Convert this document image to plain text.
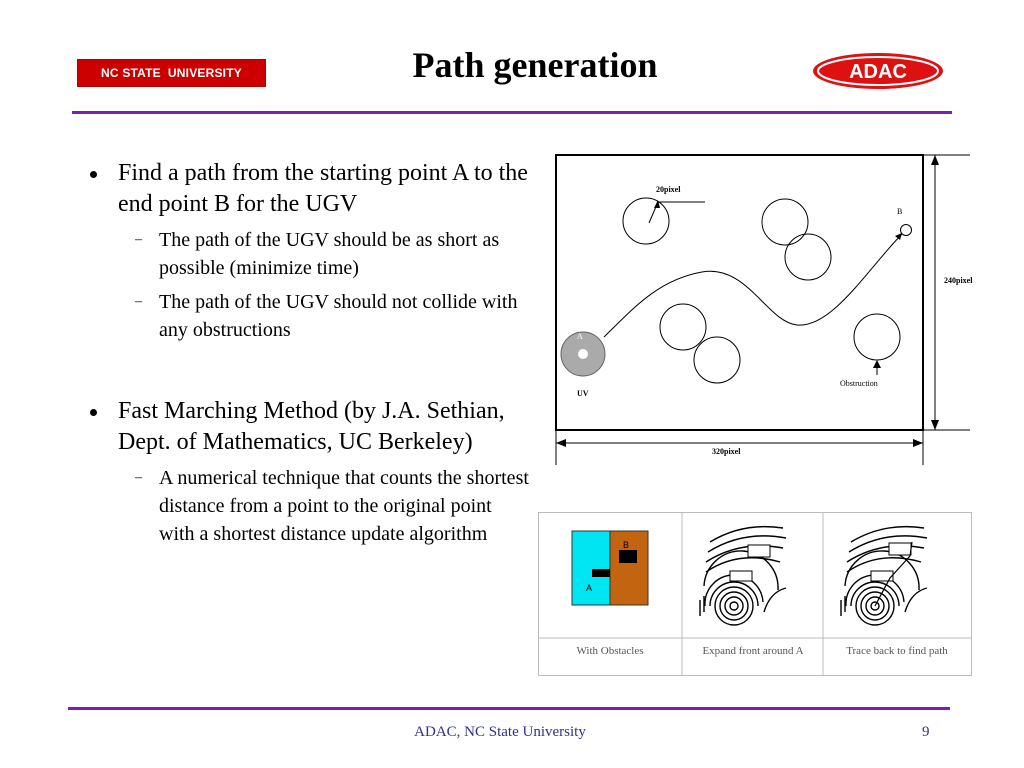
NC STATE  UNIVERSITY	Path generation	ADAC
Find a path from the starting point A to the end point B for the UGV
– The path of the UGV should be as short as possible (minimize time)
– The path of the UGV should not collide with any obstructions
Fast Marching Method (by J.A. Sethian, Dept. of Mathematics, UC Berkeley)
– A numerical technique that counts the shortest distance from a point to the original point with a shortest distance update algorithm
240pixel
320pixel
20pixel
Obstruction
A
UV
B
B
A
With Obstacles	Expand front around A	Trace back to find path
ADAC, NC State University	9
